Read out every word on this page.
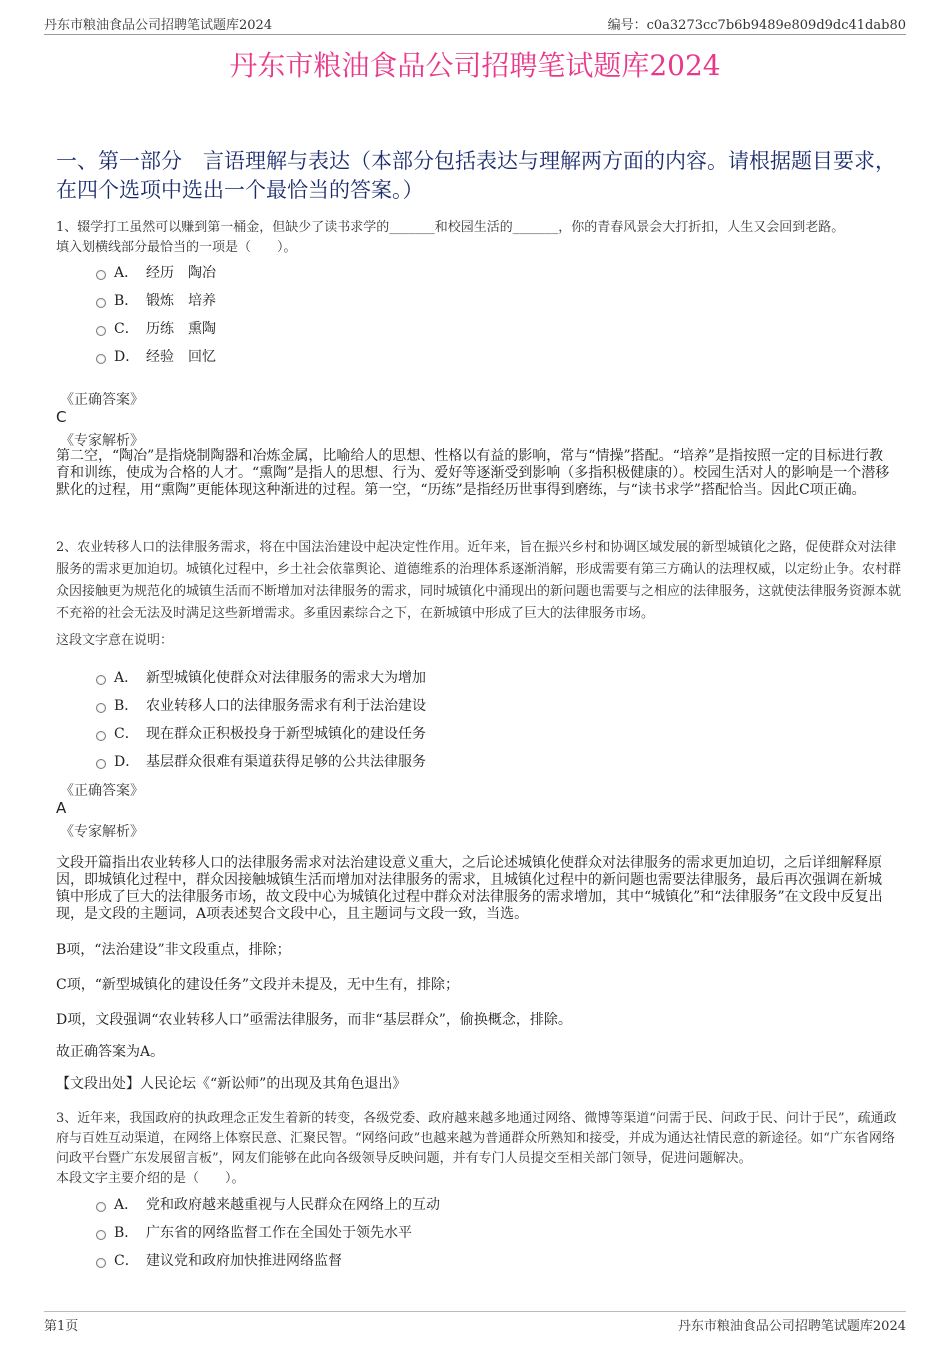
丹东市粮油食品公司招聘笔试题库2024	编号：c0a3273cc7b6b9489e809d9dc41dab80
丹东市粮油食品公司招聘笔试题库2024
一、第一部分　言语理解与表达（本部分包括表达与理解两方面的内容。请根据题目要求，在四个选项中选出一个最恰当的答案。）
1、辍学打工虽然可以赚到第一桶金，但缺少了读书求学的_______和校园生活的_______，你的青春风景会大打折扣，人生又会回到老路。
填入划横线部分最恰当的一项是（　　）。
A． 经历　陶冶
B． 锻炼　培养
C． 历练　熏陶
D． 经验　回忆
《正确答案》
C
《专家解析》
第二空，“陶冶”是指烧制陶器和冶炼金属，比喻给人的思想、性格以有益的影响，常与“情操”搭配。“培养”是指按照一定的目标进行教育和训练，使成为合格的人才。“熏陶”是指人的思想、行为、爱好等逐渐受到影响（多指积极健康的）。校园生活对人的影响是一个潜移默化的过程，用“熏陶”更能体现这种渐进的过程。第一空，“历练”是指经历世事得到磨练，与“读书求学”搭配恰当。因此C项正确。
2、农业转移人口的法律服务需求，将在中国法治建设中起决定性作用。近年来，旨在振兴乡村和协调区域发展的新型城镇化之路，促使群众对法律服务的需求更加迫切。城镇化过程中，乡土社会依靠舆论、道德维系的治理体系逐渐消解，形成需要有第三方确认的法理权威，以定纷止争。农村群众因接触更为规范化的城镇生活而不断增加对法律服务的需求，同时城镇化中涌现出的新问题也需要与之相应的法律服务，这就使法律服务资源本就不充裕的社会无法及时满足这些新增需求。多重因素综合之下，在新城镇中形成了巨大的法律服务市场。
这段文字意在说明：
A． 新型城镇化使群众对法律服务的需求大为增加
B． 农业转移人口的法律服务需求有利于法治建设
C． 现在群众正积极投身于新型城镇化的建设任务
D． 基层群众很难有渠道获得足够的公共法律服务
《正确答案》
A
《专家解析》
文段开篇指出农业转移人口的法律服务需求对法治建设意义重大，之后论述城镇化使群众对法律服务的需求更加迫切，之后详细解释原因，即城镇化过程中，群众因接触城镇生活而增加对法律服务的需求，且城镇化过程中的新问题也需要法律服务，最后再次强调在新城镇中形成了巨大的法律服务市场，故文段中心为城镇化过程中群众对法律服务的需求增加，其中“城镇化”和“法律服务”在文段中反复出现，是文段的主题词，A项表述契合文段中心，且主题词与文段一致，当选。
B项，“法治建设”非文段重点，排除；
C项，“新型城镇化的建设任务”文段并未提及，无中生有，排除；
D项，文段强调“农业转移人口”亟需法律服务，而非“基层群众”，偷换概念，排除。
故正确答案为A。
【文段出处】人民论坛《“新讼师”的出现及其角色退出》
3、近年来，我国政府的执政理念正发生着新的转变，各级党委、政府越来越多地通过网络、微博等渠道“问需于民、问政于民、问计于民”，疏通政府与百姓互动渠道，在网络上体察民意、汇聚民智。“网络问政”也越来越为普通群众所熟知和接受，并成为通达社情民意的新途径。如“广东省网络问政平台暨广东发展留言板”，网友们能够在此向各级领导反映问题，并有专门人员提交至相关部门领导，促进问题解决。
本段文字主要介绍的是（　　）。
A． 党和政府越来越重视与人民群众在网络上的互动
B． 广东省的网络监督工作在全国处于领先水平
C． 建议党和政府加快推进网络监督
第1页	丹东市粮油食品公司招聘笔试题库2024
